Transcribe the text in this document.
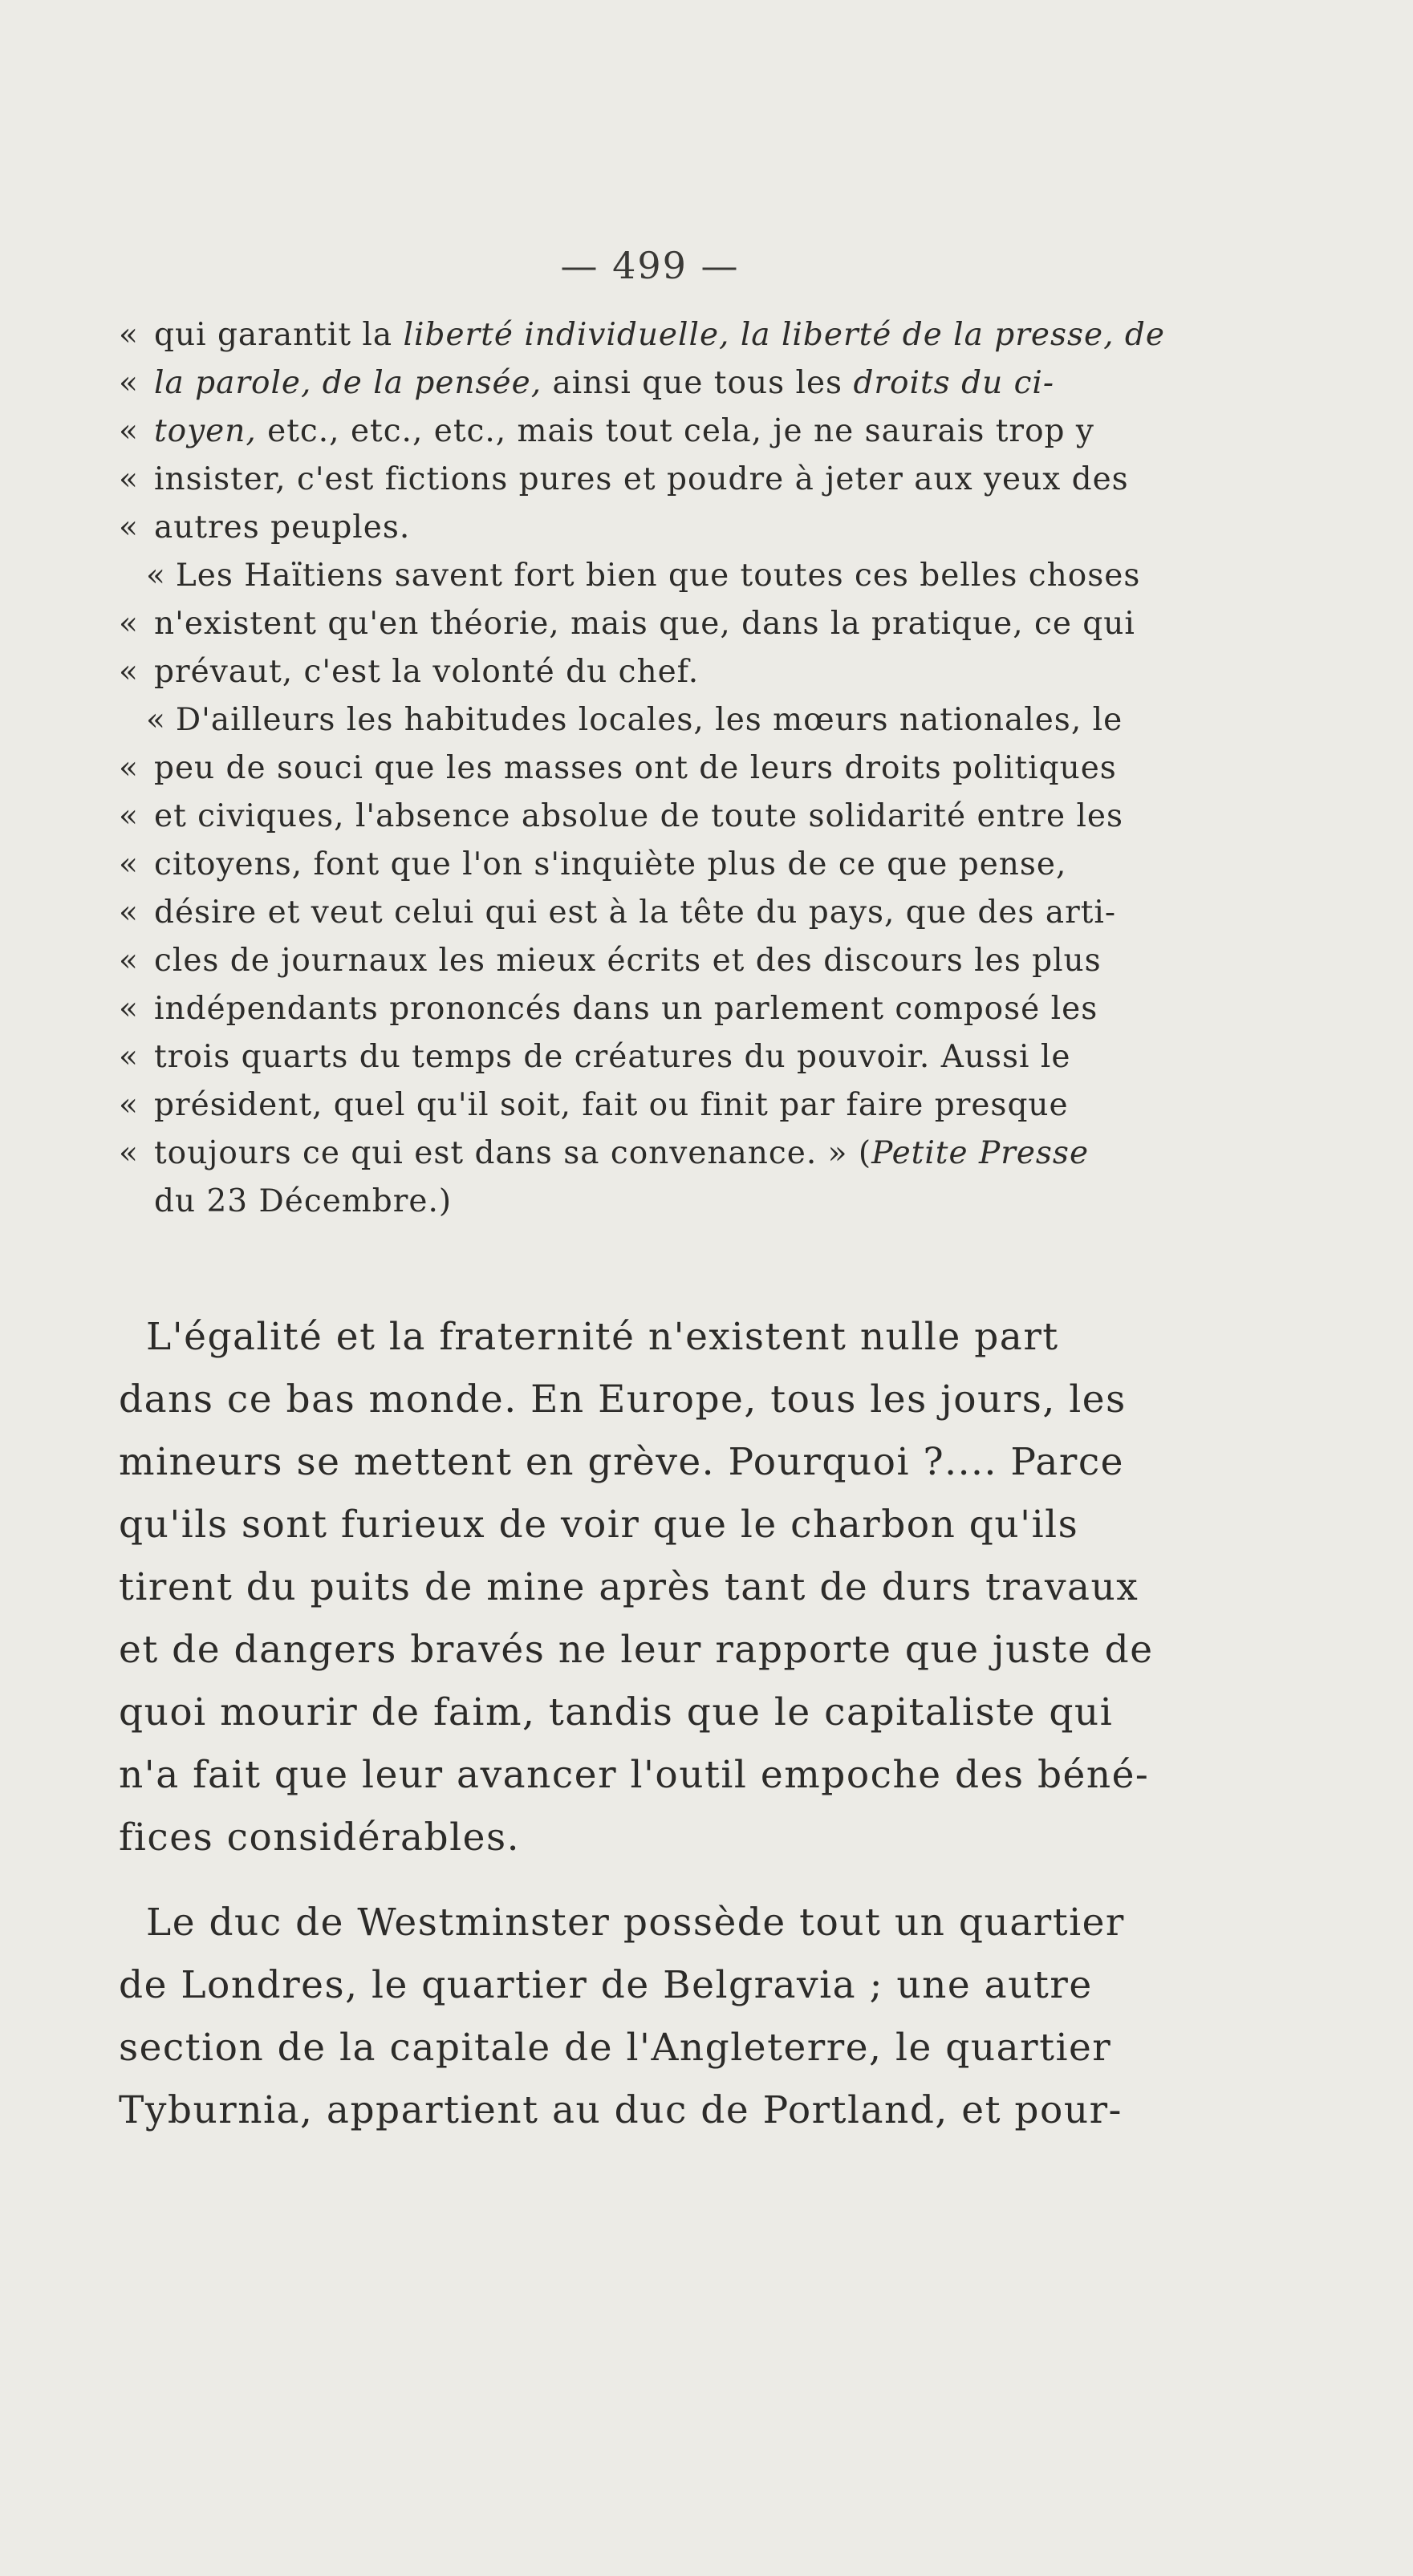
— 499 —
« qui garantit la liberté individuelle, la liberté de la presse, de
« la parole, de la pensée, ainsi que tous les droits du ci-
« toyen, etc., etc., etc., mais tout cela, je ne saurais trop y
« insister, c'est fictions pures et poudre à jeter aux yeux des
« autres peuples.
« Les Haïtiens savent fort bien que toutes ces belles choses
« n'existent qu'en théorie, mais que, dans la pratique, ce qui
« prévaut, c'est la volonté du chef.
« D'ailleurs les habitudes locales, les mœurs nationales, le
« peu de souci que les masses ont de leurs droits politiques
« et civiques, l'absence absolue de toute solidarité entre les
« citoyens, font que l'on s'inquiète plus de ce que pense,
« désire et veut celui qui est à la tête du pays, que des arti-
« cles de journaux les mieux écrits et des discours les plus
« indépendants prononcés dans un parlement composé les
« trois quarts du temps de créatures du pouvoir. Aussi le
« président, quel qu'il soit, fait ou finit par faire presque
« toujours ce qui est dans sa convenance. » (Petite Presse
du 23 Décembre.)
L'égalité et la fraternité n'existent nulle part
dans ce bas monde. En Europe, tous les jours, les
mineurs se mettent en grève. Pourquoi ?.... Parce
qu'ils sont furieux de voir que le charbon qu'ils
tirent du puits de mine après tant de durs travaux
et de dangers bravés ne leur rapporte que juste de
quoi mourir de faim, tandis que le capitaliste qui
n'a fait que leur avancer l'outil empoche des béné-
fices considérables.
Le duc de Westminster possède tout un quartier
de Londres, le quartier de Belgravia ; une autre
section de la capitale de l'Angleterre, le quartier
Tyburnia, appartient au duc de Portland, et pour-
